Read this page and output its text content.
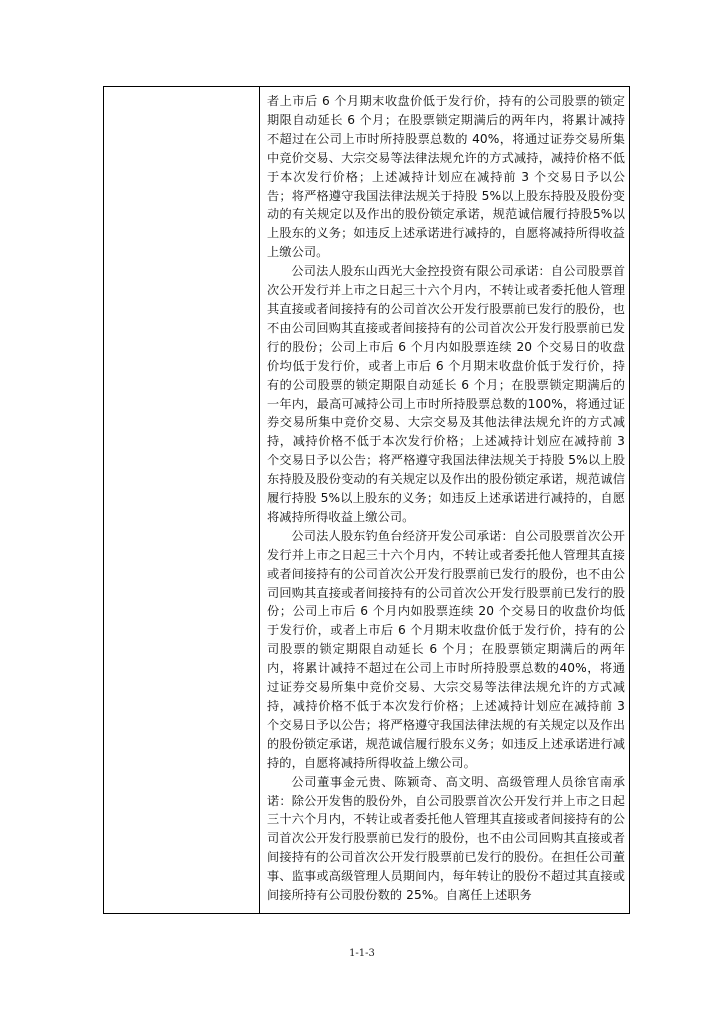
者上市后 6 个月期末收盘价低于发行价，持有的公司股票的锁定期限自动延长 6 个月；在股票锁定期满后的两年内，将累计减持不超过在公司上市时所持股票总数的 40%，将通过证券交易所集中竞价交易、大宗交易等法律法规允许的方式减持，减持价格不低于本次发行价格；上述减持计划应在减持前 3 个交易日予以公告；将严格遵守我国法律法规关于持股 5%以上股东持股及股份变动的有关规定以及作出的股份锁定承诺，规范诚信履行持股5%以上股东的义务；如违反上述承诺进行减持的，自愿将减持所得收益上缴公司。

公司法人股东山西光大金控投资有限公司承诺：自公司股票首次公开发行并上市之日起三十六个月内，不转让或者委托他人管理其直接或者间接持有的公司首次公开发行股票前已发行的股份，也不由公司回购其直接或者间接持有的公司首次公开发行股票前已发行的股份；公司上市后 6 个月内如股票连续 20 个交易日的收盘价均低于发行价，或者上市后 6 个月期末收盘价低于发行价，持有的公司股票的锁定期限自动延长 6 个月；在股票锁定期满后的一年内，最高可减持公司上市时所持股票总数的100%，将通过证券交易所集中竞价交易、大宗交易及其他法律法规允许的方式减持，减持价格不低于本次发行价格；上述减持计划应在减持前 3 个交易日予以公告；将严格遵守我国法律法规关于持股 5%以上股东持股及股份变动的有关规定以及作出的股份锁定承诺，规范诚信履行持股 5%以上股东的义务；如违反上述承诺进行减持的，自愿将减持所得收益上缴公司。

公司法人股东钓鱼台经济开发公司承诺：自公司股票首次公开发行并上市之日起三十六个月内，不转让或者委托他人管理其直接或者间接持有的公司首次公开发行股票前已发行的股份，也不由公司回购其直接或者间接持有的公司首次公开发行股票前已发行的股份；公司上市后 6 个月内如股票连续 20 个交易日的收盘价均低于发行价，或者上市后 6 个月期末收盘价低于发行价，持有的公司股票的锁定期限自动延长 6 个月；在股票锁定期满后的两年内，将累计减持不超过在公司上市时所持股票总数的40%，将通过证券交易所集中竞价交易、大宗交易等法律法规允许的方式减持，减持价格不低于本次发行价格；上述减持计划应在减持前 3 个交易日予以公告；将严格遵守我国法律法规的有关规定以及作出的股份锁定承诺，规范诚信履行股东义务；如违反上述承诺进行减持的，自愿将减持所得收益上缴公司。

公司董事金元贵、陈颖奇、高文明、高级管理人员徐官南承诺：除公开发售的股份外，自公司股票首次公开发行并上市之日起三十六个月内，不转让或者委托他人管理其直接或者间接持有的公司首次公开发行股票前已发行的股份，也不由公司回购其直接或者间接持有的公司首次公开发行股票前已发行的股份。在担任公司董事、监事或高级管理人员期间内，每年转让的股份不超过其直接或间接所持有公司股份数的 25%。自离任上述职务

1-1-3
